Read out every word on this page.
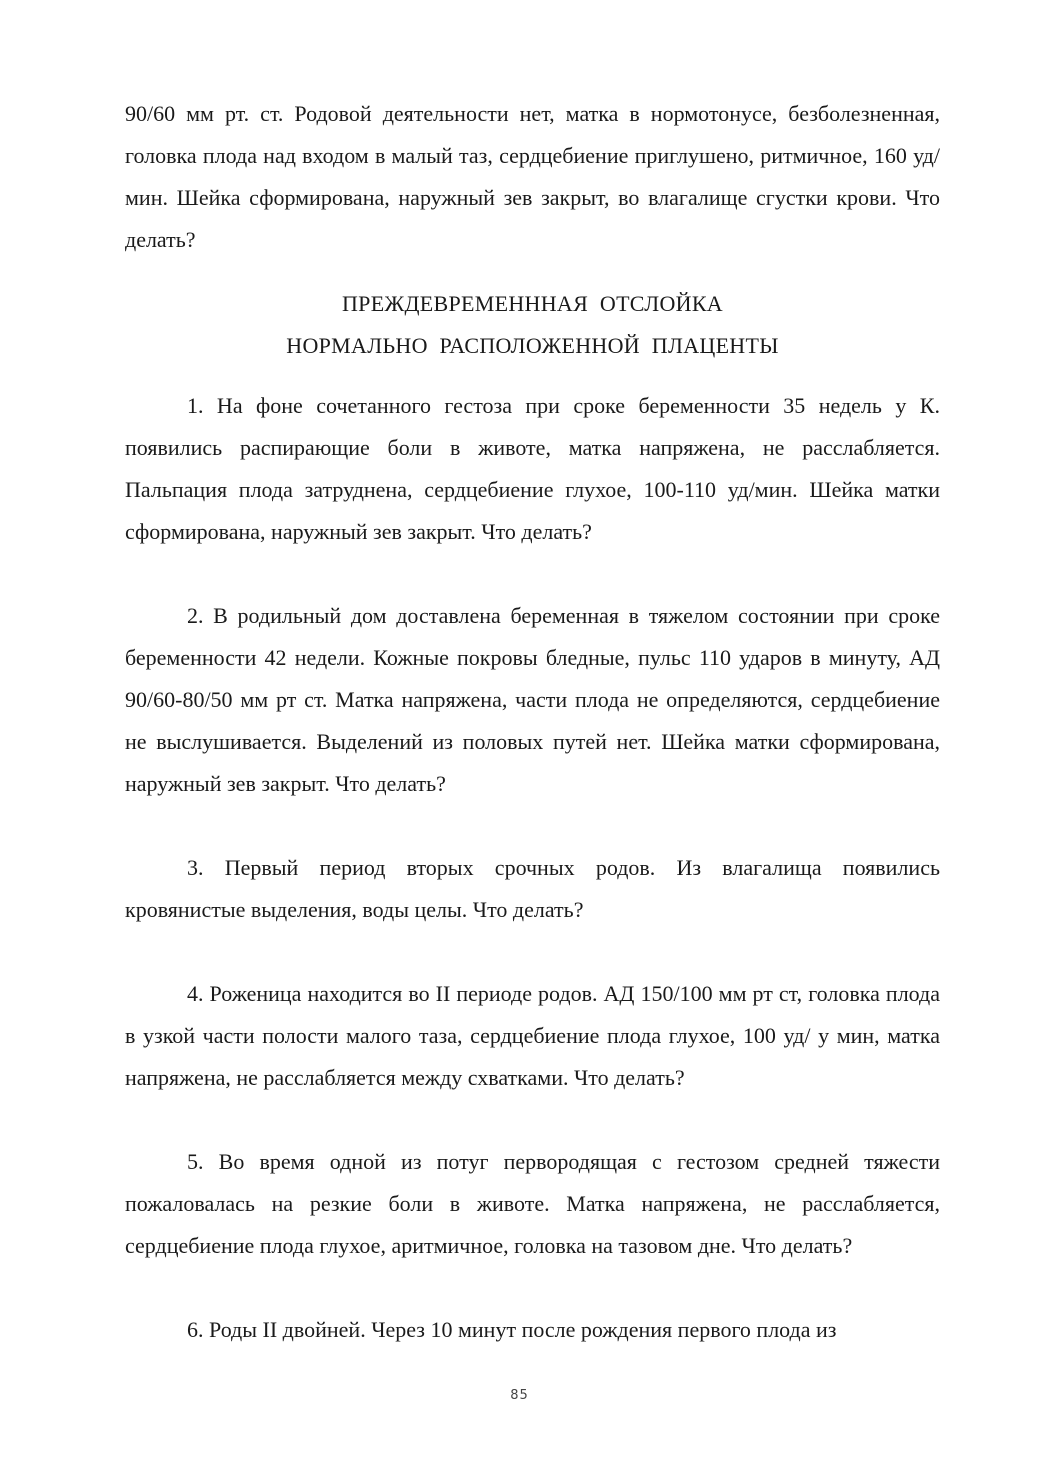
90/60 мм рт. ст. Родовой деятельности нет, матка в нормотонусе, безболезненная, головка плода над входом в малый таз, сердцебиение приглушено, ритмичное, 160 уд/мин. Шейка сформирована, наружный зев закрыт, во влагалище сгустки крови. Что делать?

ПРЕЖДЕВРЕМЕНННАЯ ОТСЛОЙКА

НОРМАЛЬНО РАСПОЛОЖЕННОЙ ПЛАЦЕНТЫ

1. На фоне сочетанного гестоза при сроке беременности 35 недель у К. появились распирающие боли в животе, матка напряжена, не расслабляется. Пальпация плода затруднена, сердцебиение глухое, 100-110 уд/мин. Шейка матки сформирована, наружный зев закрыт. Что делать?

2. В родильный дом доставлена беременная в тяжелом состоянии при сроке беременности 42 недели. Кожные покровы бледные, пульс 110 ударов в минуту, АД 90/60-80/50 мм рт ст. Матка напряжена, части плода не определяются, сердцебиение не выслушивается. Выделений из половых путей нет. Шейка матки сформирована, наружный зев закрыт. Что делать?

3. Первый период вторых срочных родов. Из влагалища появились кровянистые выделения, воды целы. Что делать?

4. Роженица находится во II периоде родов. АД 150/100 мм рт ст, головка плода в узкой части полости малого таза, сердцебиение плода глухое, 100 уд/ у мин, матка напряжена, не расслабляется между схватками. Что делать?

5. Во время одной из потуг первородящая с гестозом средней тяжести пожаловалась на резкие боли в животе. Матка напряжена, не расслабляется, сердцебиение плода глухое, аритмичное, головка на тазовом дне. Что делать?

6. Роды II двойней. Через 10 минут после рождения первого плода из

85
